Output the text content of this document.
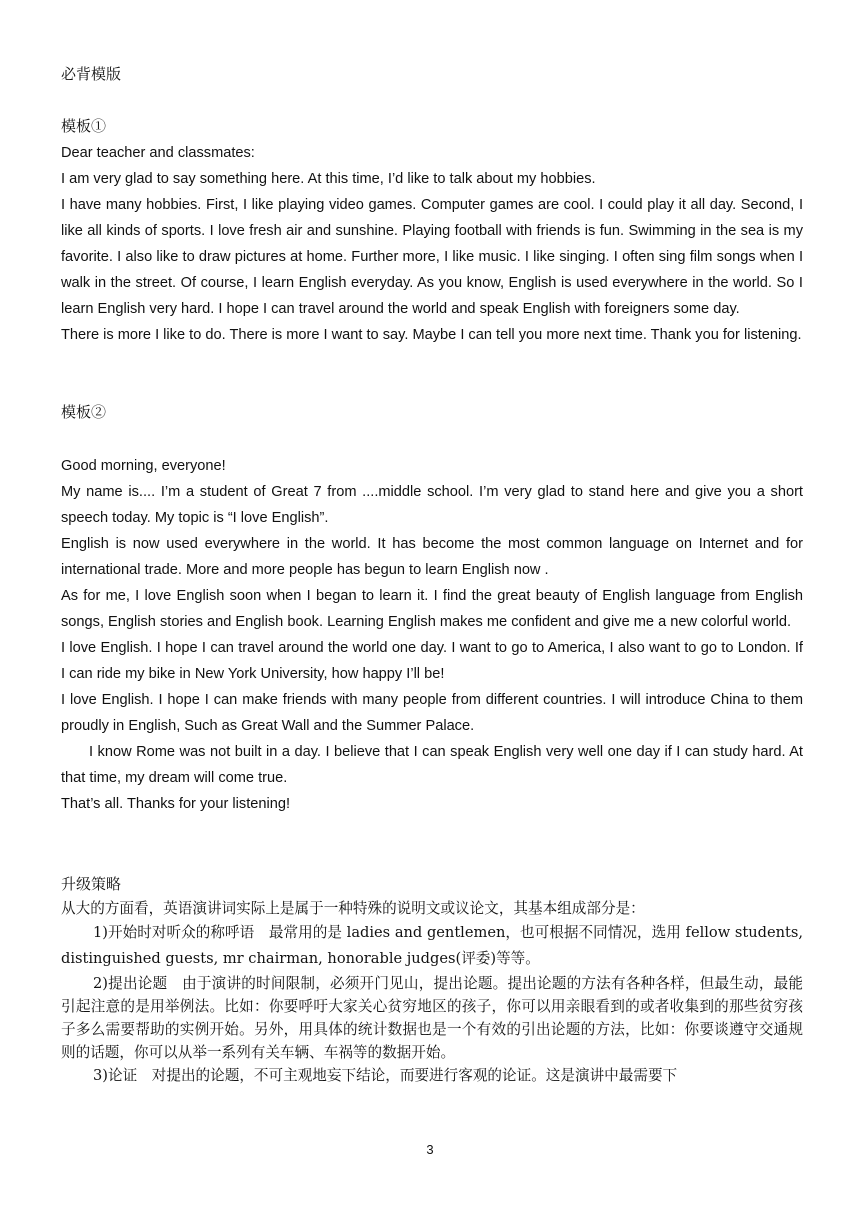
必背模版
模板①

Dear teacher and classmates:

I am very glad to say something here. At this time, I’d like to talk about my hobbies.

I have many hobbies. First, I like playing video games. Computer games are cool. I could play it all day. Second, I like all kinds of sports. I love fresh air and sunshine. Playing football with friends is fun. Swimming in the sea is my favorite. I also like to draw pictures at home. Further more, I like music. I like singing. I often sing film songs when I walk in the street. Of course, I learn English everyday. As you know, English is used everywhere in the world. So I learn English very hard. I hope I can travel around the world and speak English with foreigners some day.

There is more I like to do. There is more I want to say. Maybe I can tell you more next time. Thank you for listening.

模板②

Good morning, everyone!

My name is.... I’m a student of Great 7 from ....middle school. I’m very glad to stand here and give you a short speech today. My topic is “I love English”.

English is now used everywhere in the world. It has become the most common language on Internet and for international trade. More and more people has begun to learn English now .

As for me, I love English soon when I began to learn it. I find the great beauty of English language from English songs, English stories and English book. Learning English makes me confident and give me a new colorful world.

I love English. I hope I can travel around the world one day. I want to go to America, I also want to go to London. If I can ride my bike in New York University, how happy I’ll be!

I love English. I hope I can make friends with many people from different countries. I will introduce China to them proudly in English, Such as Great Wall and the Summer Palace.

I know Rome was not built in a day. I believe that I can speak English very well one day if I can study hard. At that time, my dream will come true.

That’s all. Thanks for your listening!

升级策略

从大的方面看，英语演讲词实际上是属于一种特殊的说明文或议论文，其基本组成部分是：

1)开始时对听众的称呼语　最常用的是 ladies and gentlemen，也可根据不同情况，选用 fellow students, distinguished guests, mr chairman, honorable judges(评委)等等。

2)提出论题　由于演讲的时间限制，必须开门见山，提出论题。提出论题的方法有各种各样，但最生动，最能引起注意的是用举例法。比如：你要呼吁大家关心贫穷地区的孩子，你可以用亲眼看到的或者收集到的那些贫穷孩子多么需要帮助的实例开始。另外，用具体的统计数据也是一个有效的引出论题的方法，比如：你要谈遵守交通规则的话题，你可以从举一系列有关车辆、车祸等的数据开始。

3)论证　对提出的论题，不可主观地妄下结论，而要进行客观的论证。这是演讲中最需要下

3
